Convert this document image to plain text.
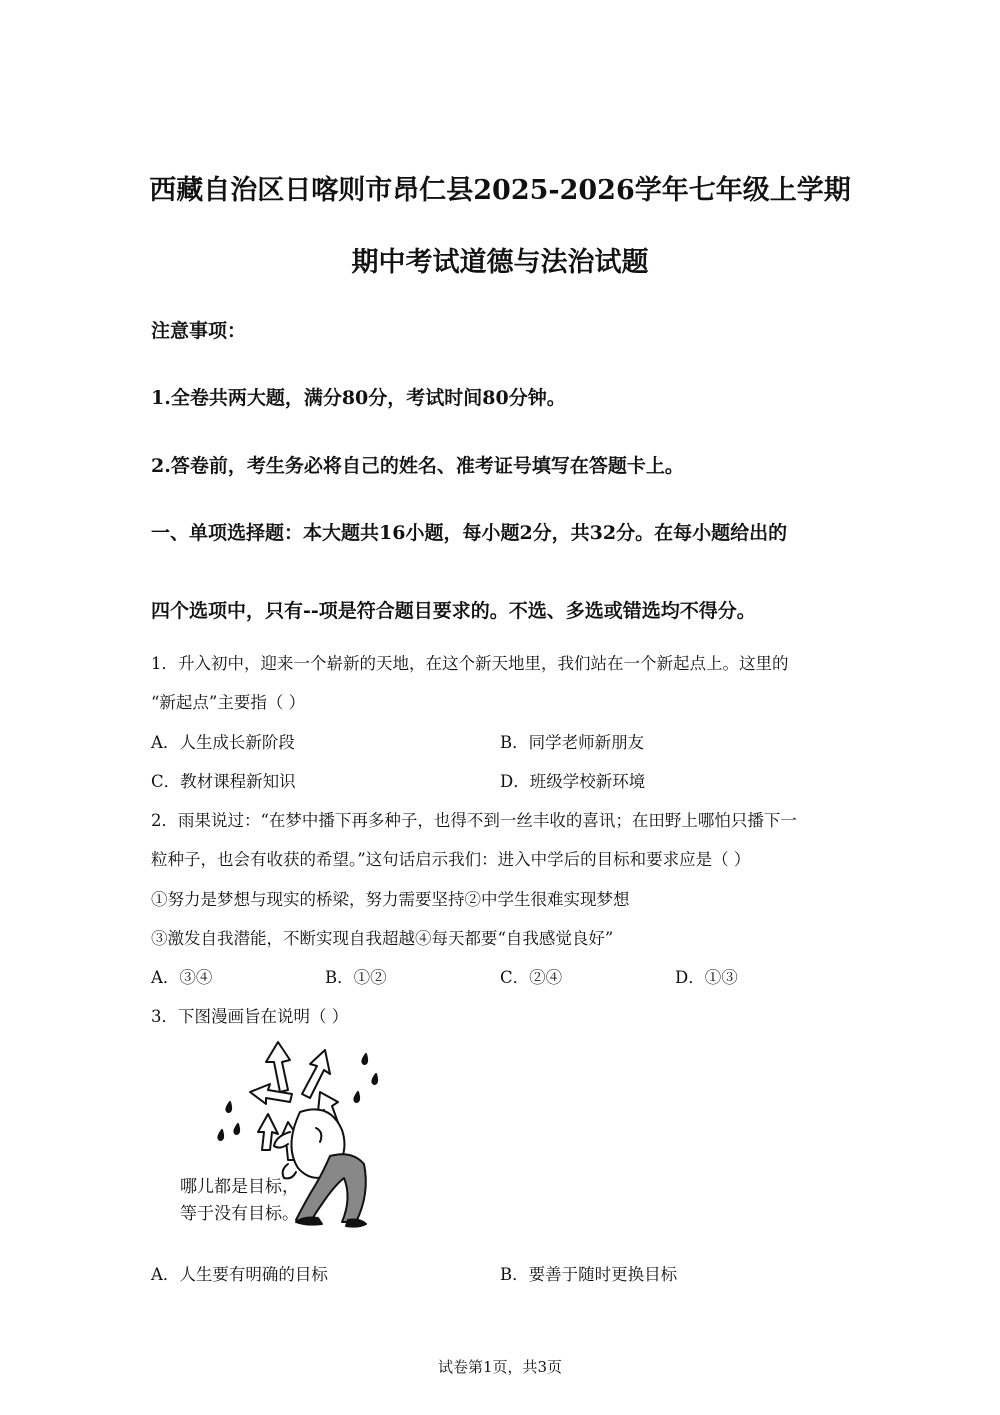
西藏自治区日喀则市昂仁县2025-2026学年七年级上学期
期中考试道德与法治试题
注意事项：
1.全卷共两大题，满分80分，考试时间80分钟。
2.答卷前，考生务必将自己的姓名、准考证号填写在答题卡上。
一、单项选择题：本大题共16小题，每小题2分，共32分。在每小题给出的
四个选项中，只有--项是符合题目要求的。不选、多选或错选均不得分。
1．升入初中，迎来一个崭新的天地，在这个新天地里，我们站在一个新起点上。这里的
“新起点”主要指（ ）
A．人生成长新阶段	B．同学老师新朋友
C．教材课程新知识	D．班级学校新环境
2．雨果说过：“在梦中播下再多种子，也得不到一丝丰收的喜讯；在田野上哪怕只播下一
粒种子，也会有收获的希望。”这句话启示我们：进入中学后的目标和要求应是（ ）
①努力是梦想与现实的桥梁，努力需要坚持②中学生很难实现梦想
③激发自我潜能，不断实现自我超越④每天都要“自我感觉良好”
A．③④	B．①②	C．②④	D．①③
3．下图漫画旨在说明（ ）
哪儿都是目标，
等于没有目标。
A．人生要有明确的目标	B．要善于随时更换目标
试卷第1页，共3页
